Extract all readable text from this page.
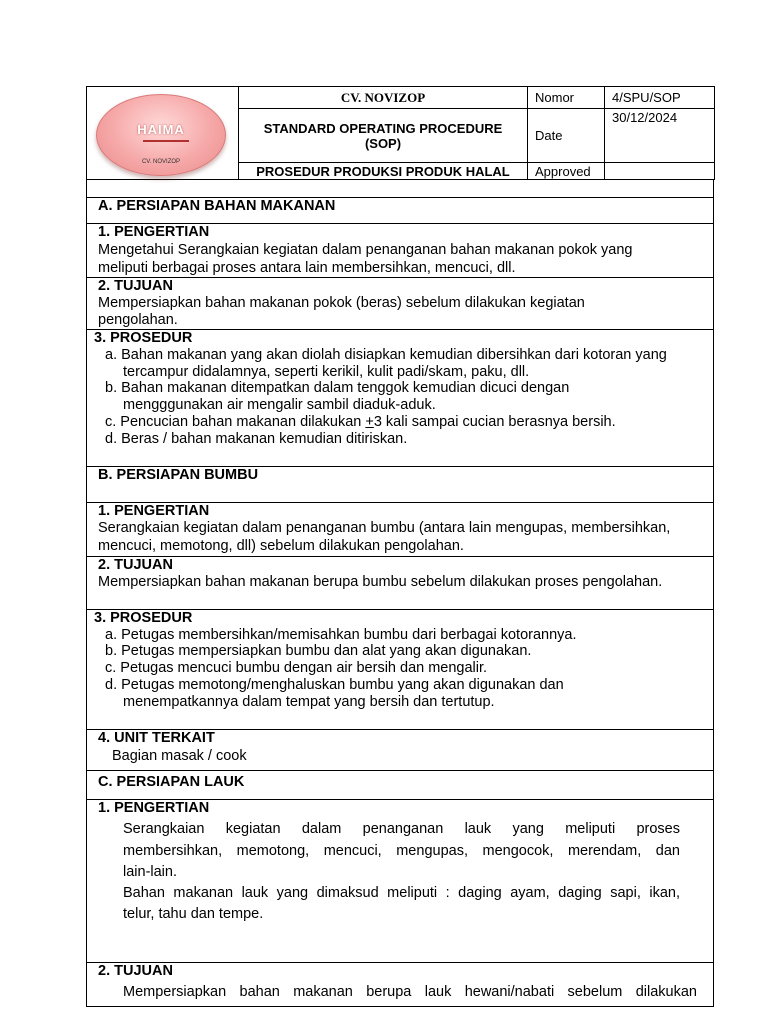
HAIMA
CV. NOVIZOP	CV. NOVIZOP	Nomor	4/SPU/SOP
	STANDARD OPERATING PROCEDURE (SOP)	Date	30/12/2024
	PROSEDUR PRODUKSI PRODUK HALAL	Approved	
A. PERSIAPAN BAHAN MAKANAN
1. PENGERTIAN
Mengetahui Serangkaian kegiatan dalam penanganan bahan makanan pokok yang
meliputi berbagai proses antara lain membersihkan, mencuci, dll.
2. TUJUAN
Mempersiapkan bahan makanan pokok (beras) sebelum dilakukan kegiatan
pengolahan.
3. PROSEDUR
a. Bahan makanan yang akan diolah disiapkan kemudian dibersihkan dari kotoran yang
tercampur didalamnya, seperti kerikil, kulit padi/skam, paku, dll.
b. Bahan makanan ditempatkan dalam tenggok kemudian dicuci dengan
mengggunakan air mengalir sambil diaduk-aduk.
c. Pencucian bahan makanan dilakukan +3 kali sampai cucian berasnya bersih.
d. Beras / bahan makanan kemudian ditiriskan.
B. PERSIAPAN BUMBU
1. PENGERTIAN
Serangkaian kegiatan dalam penanganan bumbu (antara lain mengupas, membersihkan,
mencuci, memotong, dll) sebelum dilakukan pengolahan.
2. TUJUAN
Mempersiapkan bahan makanan berupa bumbu sebelum dilakukan proses pengolahan.
3. PROSEDUR
a. Petugas membersihkan/memisahkan bumbu dari berbagai kotorannya.
b. Petugas mempersiapkan bumbu dan alat yang akan digunakan.
c. Petugas mencuci bumbu dengan air bersih dan mengalir.
d. Petugas memotong/menghaluskan bumbu yang akan digunakan dan
menempatkannya dalam tempat yang bersih dan tertutup.
4. UNIT TERKAIT
Bagian masak / cook
C. PERSIAPAN LAUK
1. PENGERTIAN
Serangkaian kegiatan dalam penanganan lauk yang meliputi proses
membersihkan, memotong, mencuci, mengupas, mengocok, merendam, dan
lain-lain.
Bahan makanan lauk yang dimaksud meliputi : daging ayam, daging sapi, ikan,
telur, tahu dan tempe.
2. TUJUAN
Mempersiapkan bahan makanan berupa lauk hewani/nabati sebelum dilakukan
